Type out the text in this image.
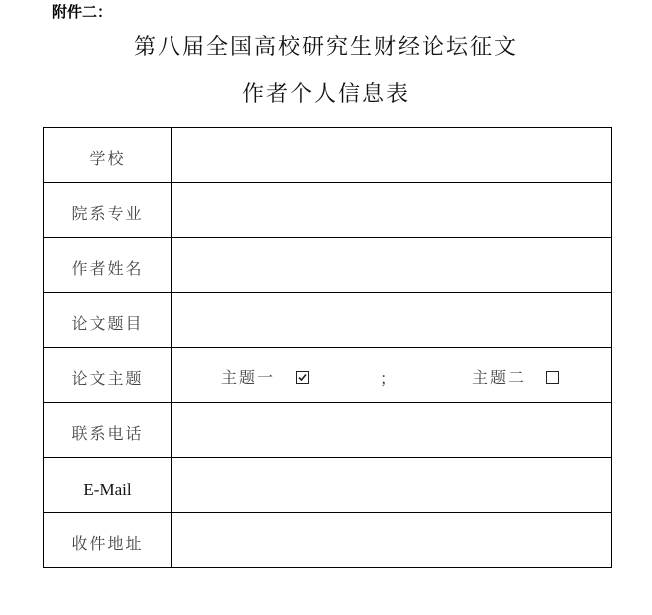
附件二：
第八届全国高校研究生财经论坛征文
作者个人信息表
学校	
院系专业	
作者姓名	
论文题目	
论文主题	主题一 ； 主题二

联系电话	
E-Mail	
收件地址	
